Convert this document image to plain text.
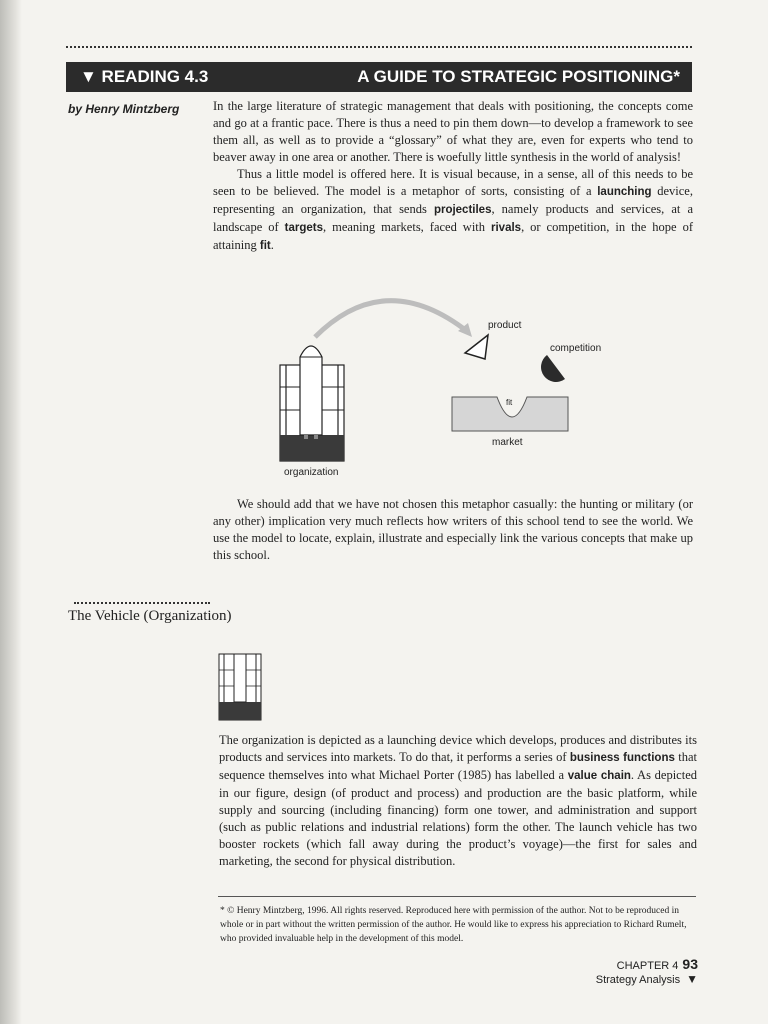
▼ READING 4.3	A GUIDE TO STRATEGIC POSITIONING*
by Henry Mintzberg	In the large literature of strategic management that deals with positioning, the concepts come and go at a frantic pace. There is thus a need to pin them down—to develop a framework to see them all, as well as to provide a “glossary” of what they are, even for experts who tend to beaver away in one area or another. There is woefully little synthesis in the world of analysis!

Thus a little model is offered here. It is visual because, in a sense, all of this needs to be seen to be believed. The model is a metaphor of sorts, consisting of a launching device, representing an organization, that sends projectiles, namely products and services, at a landscape of targets, meaning markets, faced with rivals, or competition, in the hope of attaining fit.

product
competition
fit
market
organization

We should add that we have not chosen this metaphor casually: the hunting or military (or any other) implication very much reflects how writers of this school tend to see the world. We use the model to locate, explain, illustrate and especially link the various concepts that make up this school.

The Vehicle (Organization)

The organization is depicted as a launching device which develops, produces and distributes its products and services into markets. To do that, it performs a series of business functions that sequence themselves into what Michael Porter (1985) has labelled a value chain. As depicted in our figure, design (of product and process) and production are the basic platform, while supply and sourcing (including financing) form one tower, and administration and support (such as public relations and industrial relations) form the other. The launch vehicle has two booster rockets (which fall away during the product’s voyage)—the first for sales and marketing, the second for physical distribution.

* © Henry Mintzberg, 1996. All rights reserved. Reproduced here with permission of the author. Not to be reproduced in whole or in part without the written permission of the author. He would like to express his appreciation to Richard Rumelt, who provided invaluable help in the development of this model.
CHAPTER 4 93
Strategy Analysis ▼
